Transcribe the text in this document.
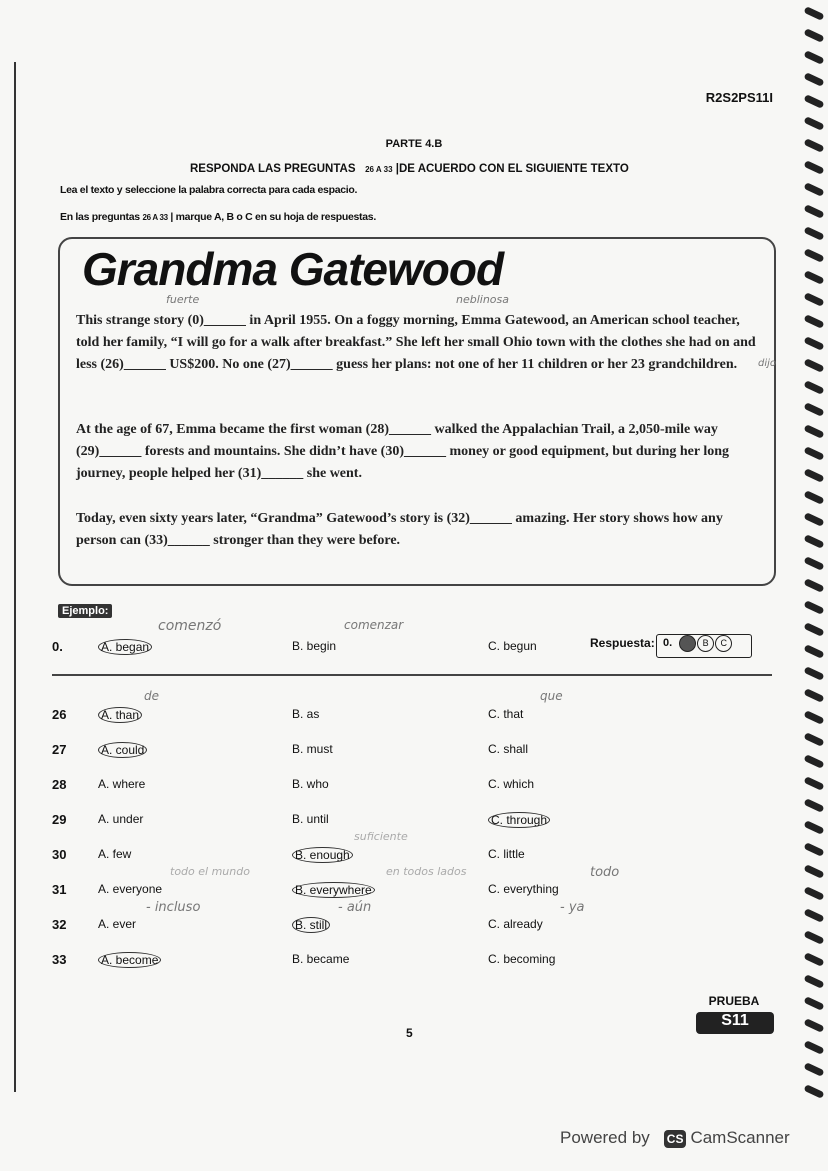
R2S2PS11I
PARTE 4.B
RESPONDA LAS PREGUNTAS 26 A 33 |DE ACUERDO CON EL SIGUIENTE TEXTO
Lea el texto y seleccione la palabra correcta para cada espacio.
En las preguntas 26 A 33 | marque A, B o C en su hoja de respuestas.
Grandma Gatewood
fuerte	neblinosa
dijo
This strange story (0)______ in April 1955. On a foggy morning, Emma Gatewood, an American school teacher, told her family, “I will go for a walk after breakfast.” She left her small Ohio town with the clothes she had on and less (26)______ US$200. No one (27)______ guess her plans: not one of her 11 children or her 23 grandchildren.
At the age of 67, Emma became the first woman (28)______ walked the Appalachian Trail, a 2,050-mile way (29)______ forests and mountains. She didn’t have (30)______ money or good equipment, but during her long journey, people helped her (31)______ she went.
Today, even sixty years later, “Grandma” Gatewood’s story is (32)______ amazing. Her story shows how any person can (33)______ stronger than they were before.
Ejemplo:
comenzó	comenzar
0.	A. began	B. begin	C. begun	Respuesta: 0. A B C
26	A. than	B. as	C. that
27	A. could	B. must	C. shall
28	A. where	B. who	C. which
29	A. under	B. until	C. through
30	A. few	B. enough	C. little
31	A. everyone	B. everywhere	C. everything
32	A. ever	B. still	C. already
33	A. become	B. became	C. becoming
de	que
suficiente
todo el mundo	en todos lados	todo
- incluso	- aún	- ya
PRUEBA
S11
5
Powered by CS CamScanner
